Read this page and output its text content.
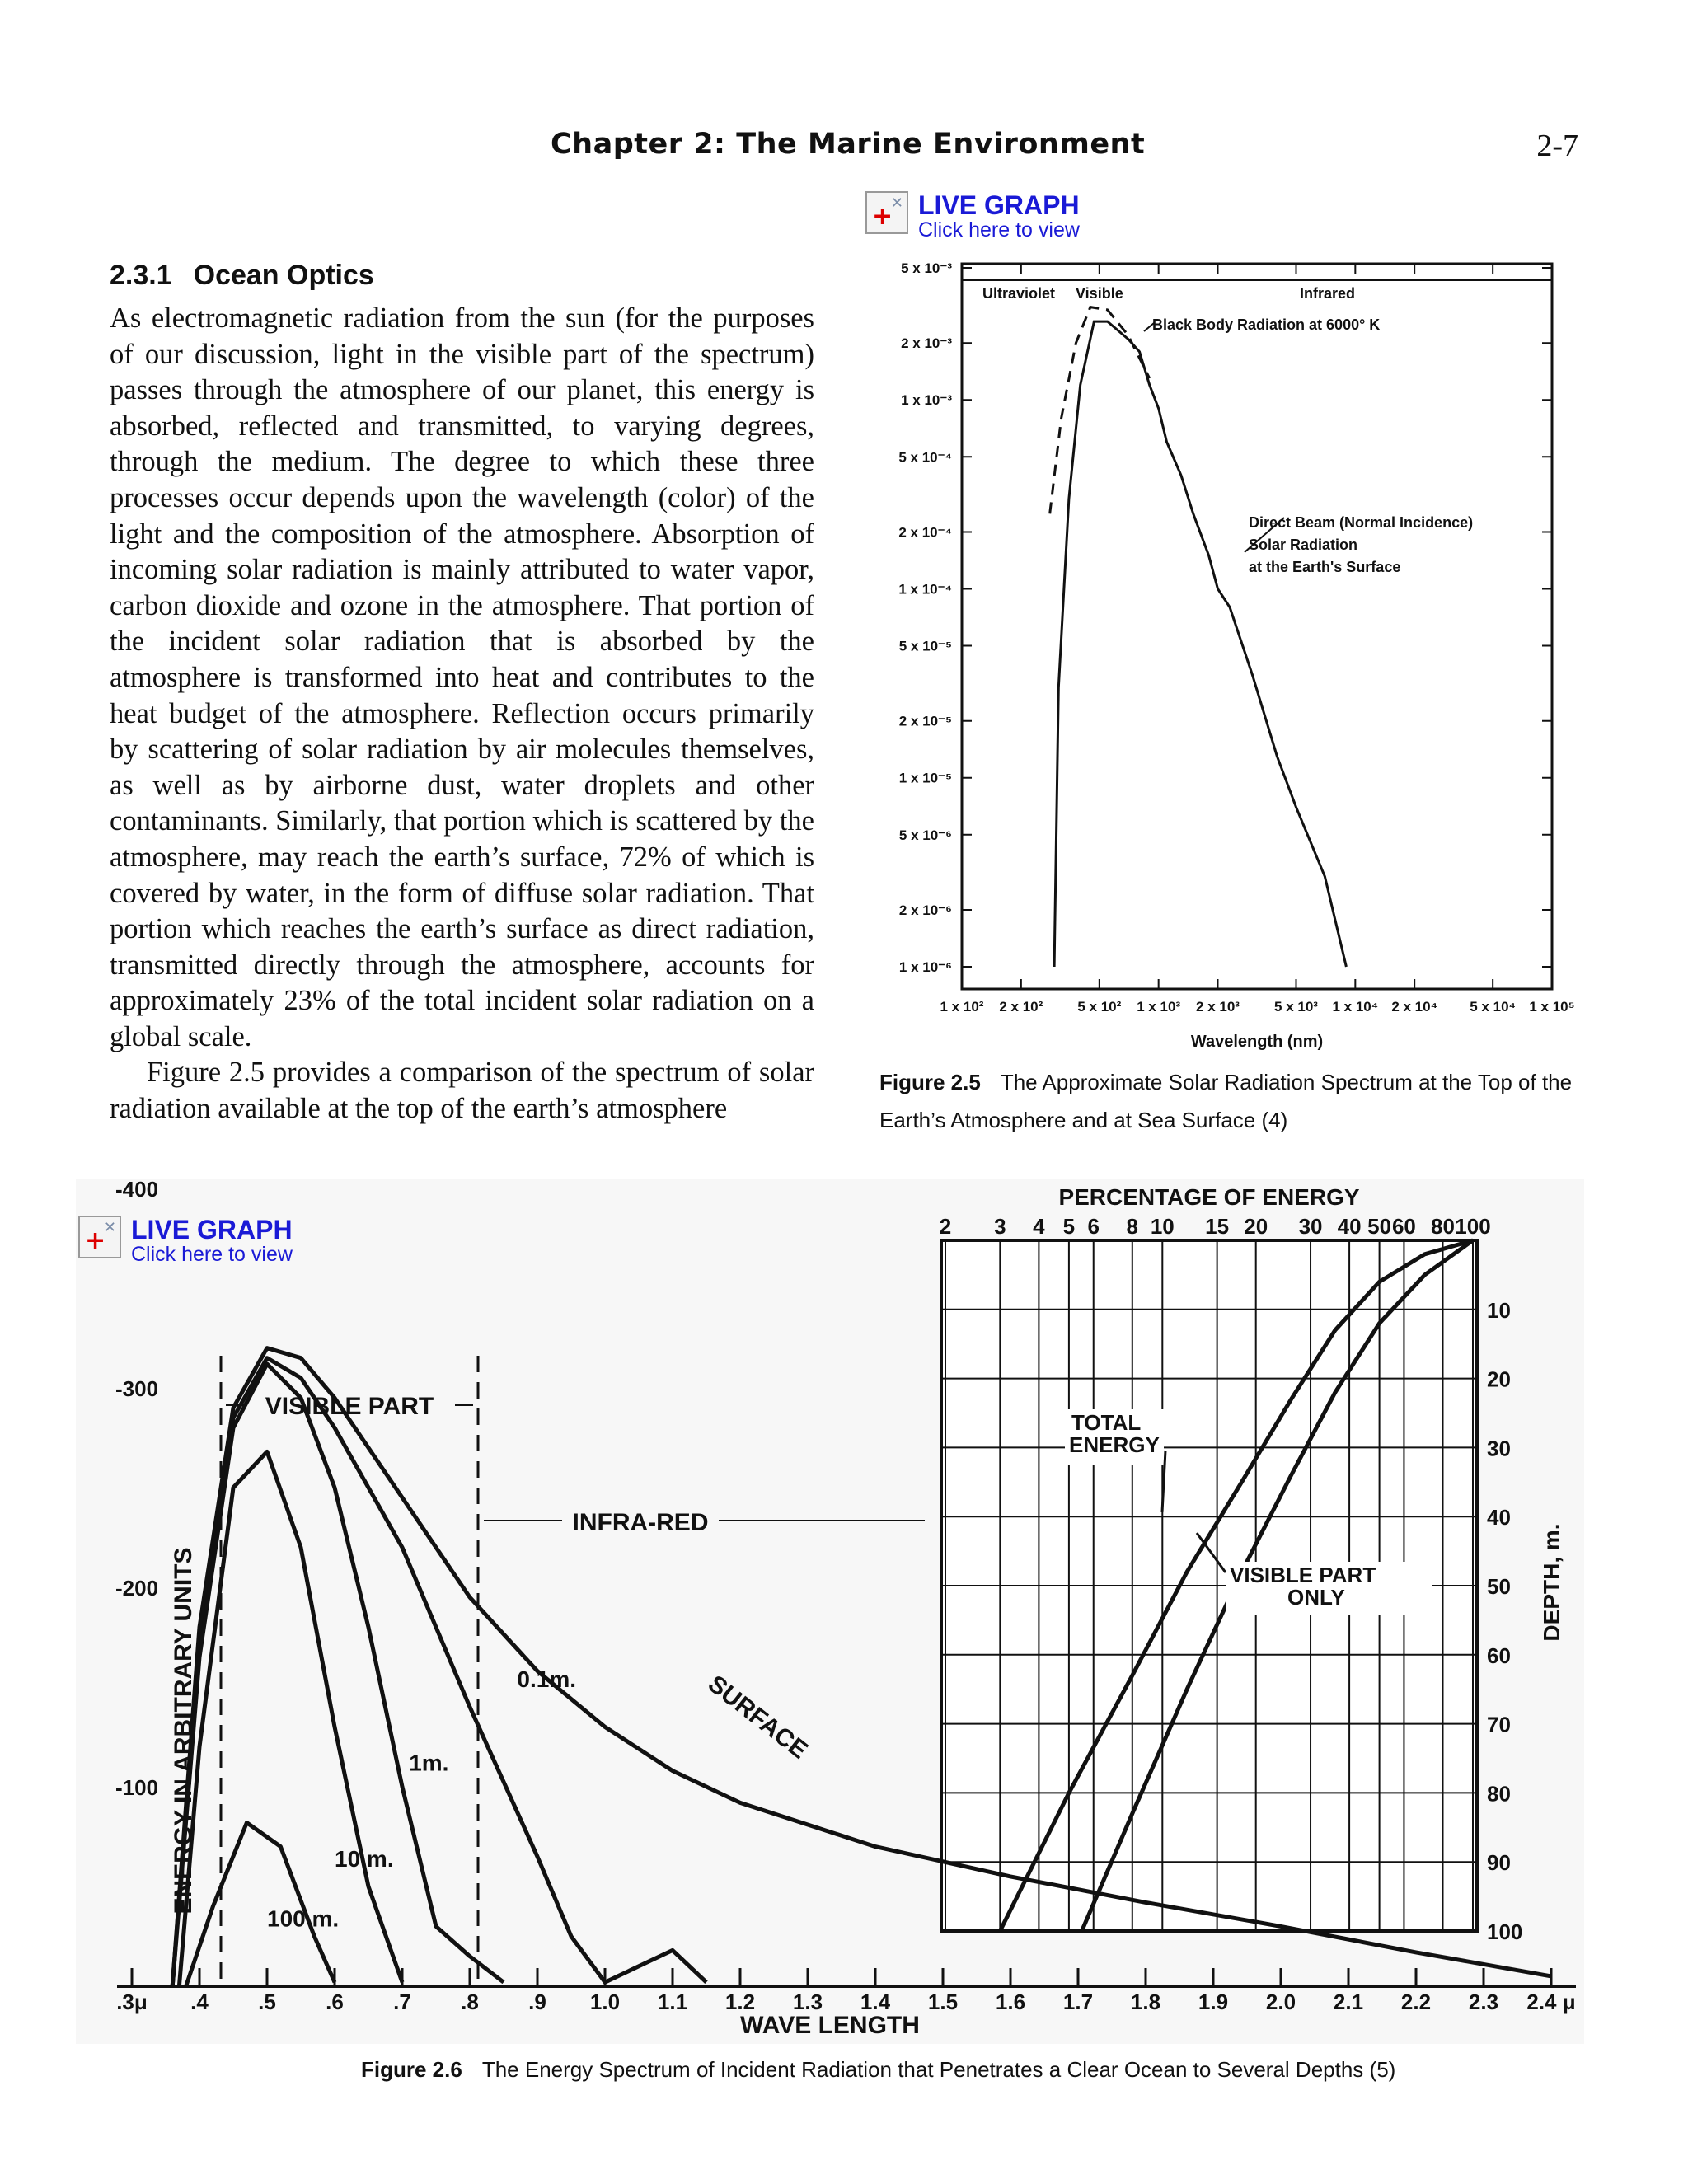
Chapter 2: The Marine Environment	2-7
+
✕ LIVE GRAPH
Click here to view
2.3.1 Ocean Optics

As electromagnetic radiation from the sun (for the purposes of our discussion, light in the visible part of the spectrum) passes through the atmosphere of our planet, this energy is absorbed, reflected and transmitted, to varying degrees, through the medium. The degree to which these three processes occur depends upon the wavelength (color) of the light and the composition of the atmosphere. Absorption of incoming solar radiation is mainly attributed to water vapor, carbon dioxide and ozone in the atmosphere. That portion of the incident solar radiation that is absorbed by the atmosphere is transformed into heat and contributes to the heat budget of the atmosphere. Reflection occurs primarily by scattering of solar radiation by air molecules themselves, as well as by airborne dust, water droplets and other contaminants. Similarly, that portion which is scattered by the atmosphere, may reach the earth’s surface, 72% of which is covered by water, in the form of diffuse solar radiation. That portion which reaches the earth’s surface as direct radiation, transmitted directly through the atmosphere, accounts for approximately 23% of the total incident solar radiation on a global scale.

Figure 2.5 provides a comparison of the spectrum of solar radiation available at the top of the earth’s atmosphere

5 x 10⁻³
2 x 10⁻³
1 x 10⁻³
5 x 10⁻⁴
2 x 10⁻⁴
1 x 10⁻⁴
5 x 10⁻⁵
2 x 10⁻⁵
1 x 10⁻⁵
5 x 10⁻⁶
2 x 10⁻⁶
1 x 10⁻⁶
1 x 10² 2 x 10² 5 x 10² 1 x 10³ 2 x 10³ 5 x 10³ 1 x 10⁴ 2 x 10⁴ 5 x 10⁴ 1 x 10⁵
Ultraviolet Visible	Infrared
Black Body Radiation at 6000° K
Direct Beam (Normal Incidence)
Solar Radiation
at the Earth's Surface
Wavelength (nm)
Figure 2.5 The Approximate Solar Radiation Spectrum at the Top of the Earth’s Atmosphere and at Sea Surface (4)
+
✕ LIVE GRAPH
Click here to view
PERCENTAGE OF ENERGY
2 3 4 5 6 8 10 15 20 30 40 50 60 80 100
10
20
30
40
50
60
70
80
90
100
DEPTH, m.
TOTAL
ENERGY
VISIBLE PART
ONLY
.3μ .4 .5 .6 .7 .8 .9 1.0 1.1 1.2 1.3 1.4 1.5 1.6 1.7 1.8 1.9 2.0 2.1 2.2 2.3 2.4 μ
-400
-300
-200
-100 ENERGY IN ARBITRARY UNITS
WAVE LENGTH
VISIBLE PART
INFRA-RED
SURFACE
0.1m.
1m.
10 m.
100 m.
Figure 2.6 The Energy Spectrum of Incident Radiation that Penetrates a Clear Ocean to Several Depths (5)
